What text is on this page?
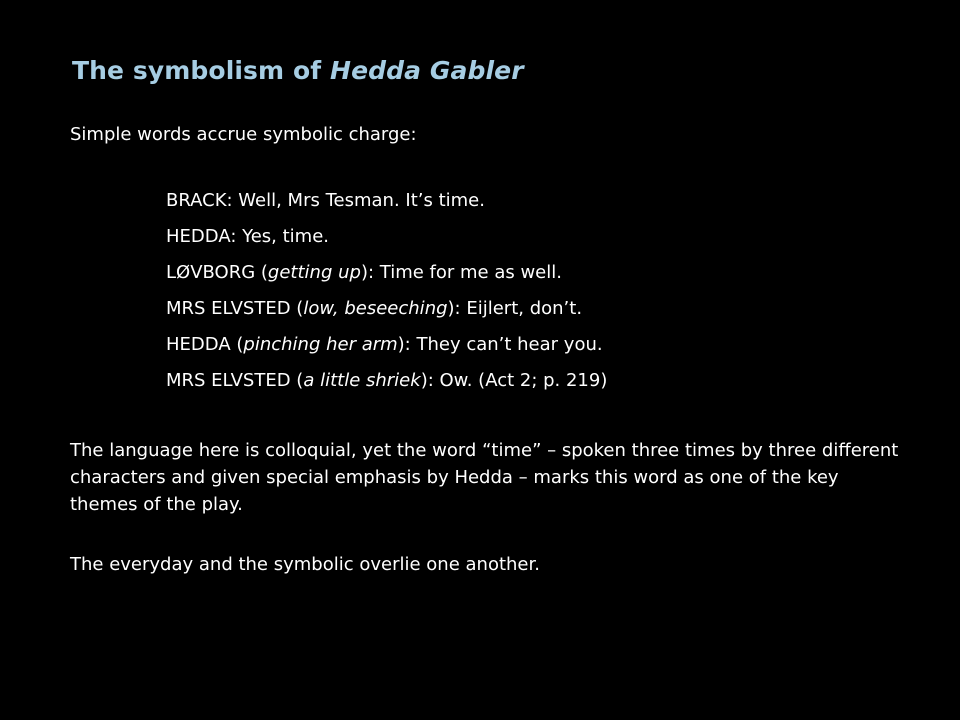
The symbolism of Hedda Gabler
Simple words accrue symbolic charge:
BRACK: Well, Mrs Tesman. It’s time.
HEDDA: Yes, time.
LØVBORG (getting up): Time for me as well.
MRS ELVSTED (low, beseeching): Eijlert, don’t.
HEDDA (pinching her arm): They can’t hear you.
MRS ELVSTED (a little shriek): Ow. (Act 2; p. 219)
The language here is colloquial, yet the word “time” – spoken three times by three different characters and given special emphasis by Hedda – marks this word as one of the key themes of the play.
The everyday and the symbolic overlie one another.
